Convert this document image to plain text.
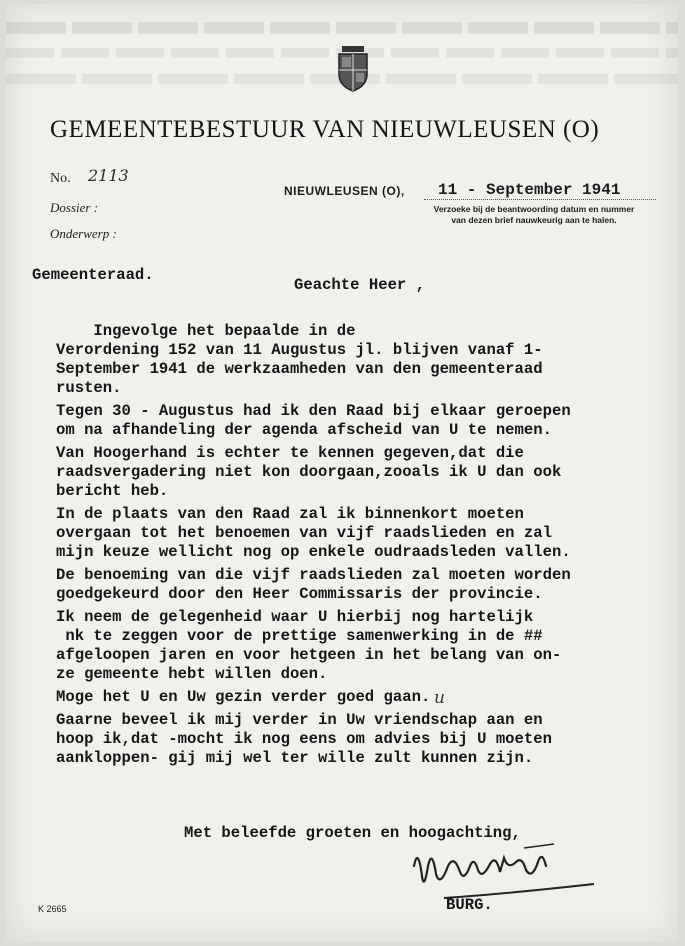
GEMEENTEBESTUUR VAN NIEUWLEUSEN (O)
No. 2113
Dossier :
Onderwerp :
NIEUWLEUSEN (O), 11 - September 1941
Verzoeke bij de beantwoording datum en nummer
van dezen brief nauwkeurig aan te halen.
Gemeenteraad.
Geachte Heer ,
Ingevolge het bepaalde in de
Verordening 152 van 11 Augustus jl. blijven vanaf 1-
September 1941 de werkzaamheden van den gemeenteraad
rusten.
Tegen 30 - Augustus had ik den Raad bij elkaar geroepen
om na afhandeling der agenda afscheid van U te nemen.
Van Hoogerhand is echter te kennen gegeven,dat die
raadsvergadering niet kon doorgaan,zooals ik U dan ook
bericht heb.
In de plaats van den Raad zal ik binnenkort moeten
overgaan tot het benoemen van vijf raadslieden en zal
mijn keuze wellicht nog op enkele oudraadsleden vallen.
De benoeming van die vijf raadslieden zal moeten worden
goedgekeurd door den Heer Commissaris der provincie.
Ik neem de gelegenheid waar U hierbij nog hartelijk
nk te zeggen voor de prettige samenwerking in de ##
afgeloopen jaren en voor hetgeen in het belang van on-
ze gemeente hebt willen doen.
Moge het U en Uw gezin verder goed gaan.
Gaarne beveel ik mij verder in Uw vriendschap aan en
hoop ik,dat -mocht ik nog eens om advies bij U moeten
aankloppen- gij mij wel ter wille zult kunnen zijn.
u
Met beleefde groeten en hoogachting,
BURG.
K 2665
